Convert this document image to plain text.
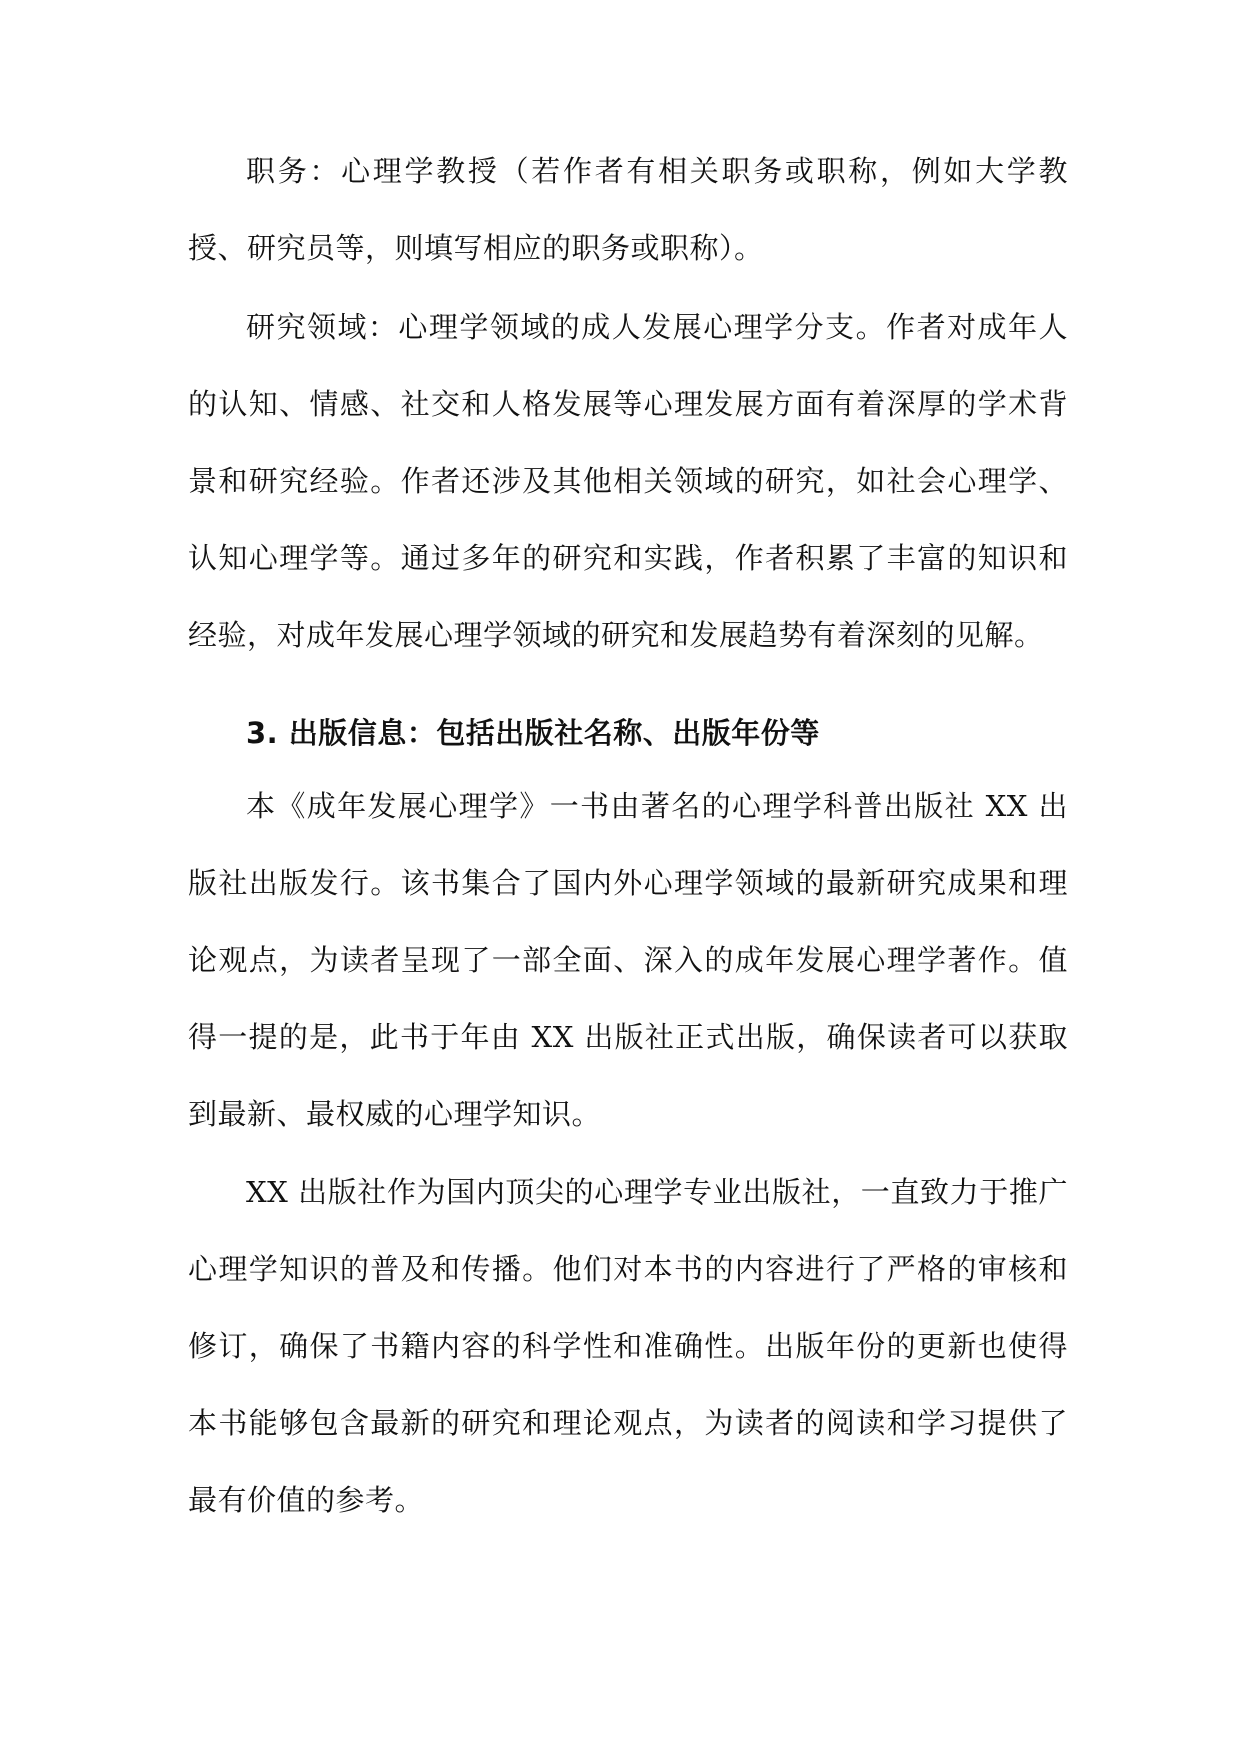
职务：心理学教授（若作者有相关职务或职称，例如大学教授、研究员等，则填写相应的职务或职称）。

研究领域：心理学领域的成人发展心理学分支。作者对成年人的认知、情感、社交和人格发展等心理发展方面有着深厚的学术背景和研究经验。作者还涉及其他相关领域的研究，如社会心理学、认知心理学等。通过多年的研究和实践，作者积累了丰富的知识和经验，对成年发展心理学领域的研究和发展趋势有着深刻的见解。

3. 出版信息：包括出版社名称、出版年份等

本《成年发展心理学》一书由著名的心理学科普出版社 XX 出版社出版发行。该书集合了国内外心理学领域的最新研究成果和理论观点，为读者呈现了一部全面、深入的成年发展心理学著作。值得一提的是，此书于年由 XX 出版社正式出版，确保读者可以获取到最新、最权威的心理学知识。

XX 出版社作为国内顶尖的心理学专业出版社，一直致力于推广心理学知识的普及和传播。他们对本书的内容进行了严格的审核和修订，确保了书籍内容的科学性和准确性。出版年份的更新也使得本书能够包含最新的研究和理论观点，为读者的阅读和学习提供了最有价值的参考。
